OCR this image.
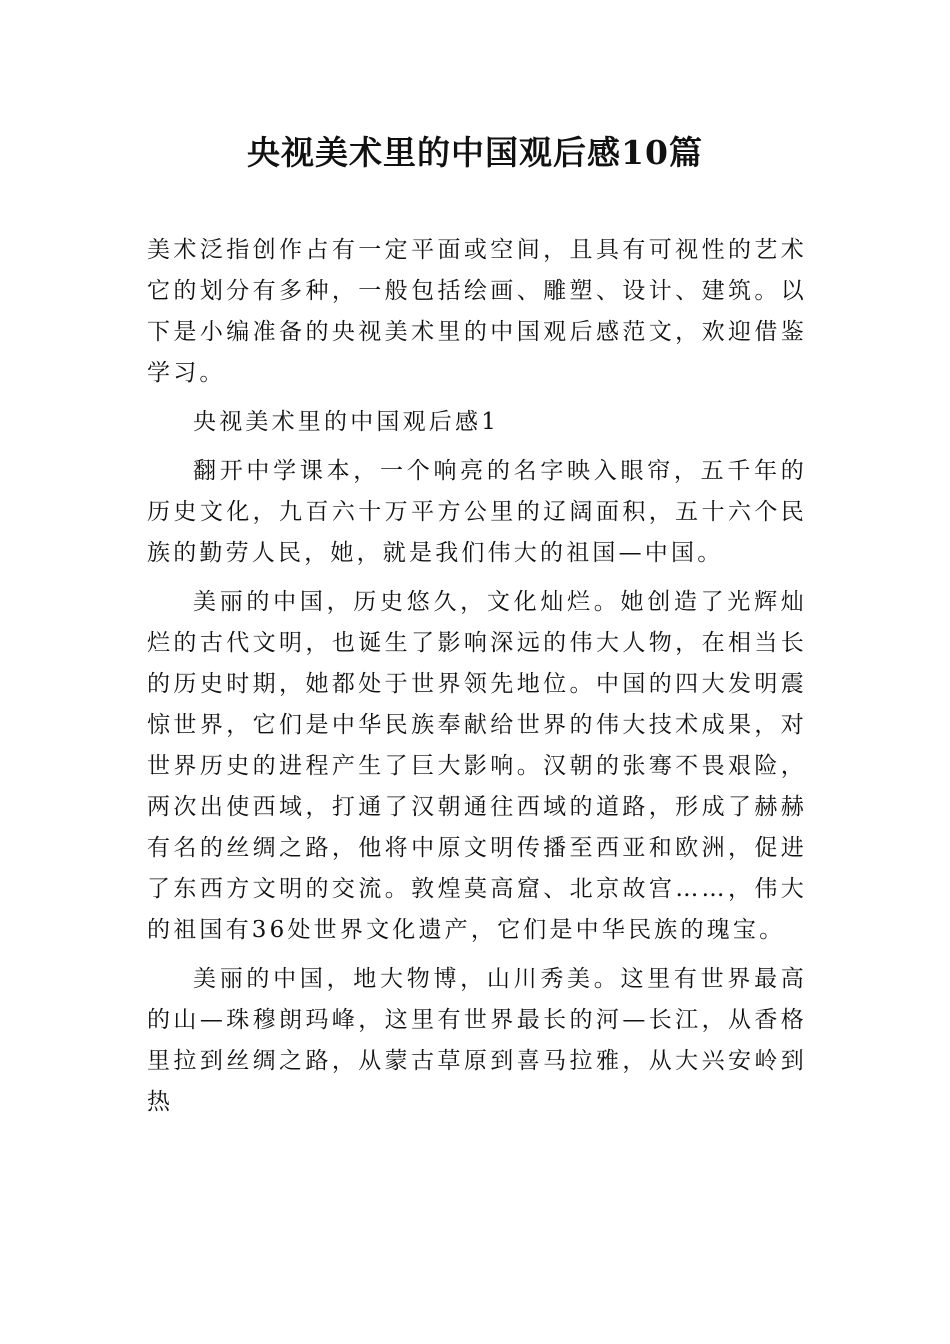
央视美术里的中国观后感10篇

美术泛指创作占有一定平面或空间，且具有可视性的艺术它的划分有多种，一般包括绘画、雕塑、设计、建筑。以下是小编准备的央视美术里的中国观后感范文，欢迎借鉴学习。

央视美术里的中国观后感1

翻开中学课本，一个响亮的名字映入眼帘，五千年的历史文化，九百六十万平方公里的辽阔面积，五十六个民族的勤劳人民，她，就是我们伟大的祖国—中国。

美丽的中国，历史悠久，文化灿烂。她创造了光辉灿烂的古代文明，也诞生了影响深远的伟大人物，在相当长的历史时期，她都处于世界领先地位。中国的四大发明震惊世界，它们是中华民族奉献给世界的伟大技术成果，对世界历史的进程产生了巨大影响。汉朝的张骞不畏艰险，两次出使西域，打通了汉朝通往西域的道路，形成了赫赫有名的丝绸之路，他将中原文明传播至西亚和欧洲，促进了东西方文明的交流。敦煌莫高窟、北京故宫……，伟大的祖国有36处世界文化遗产，它们是中华民族的瑰宝。

美丽的中国，地大物博，山川秀美。这里有世界最高的山—珠穆朗玛峰，这里有世界最长的河—长江，从香格里拉到丝绸之路，从蒙古草原到喜马拉雅，从大兴安岭到热
